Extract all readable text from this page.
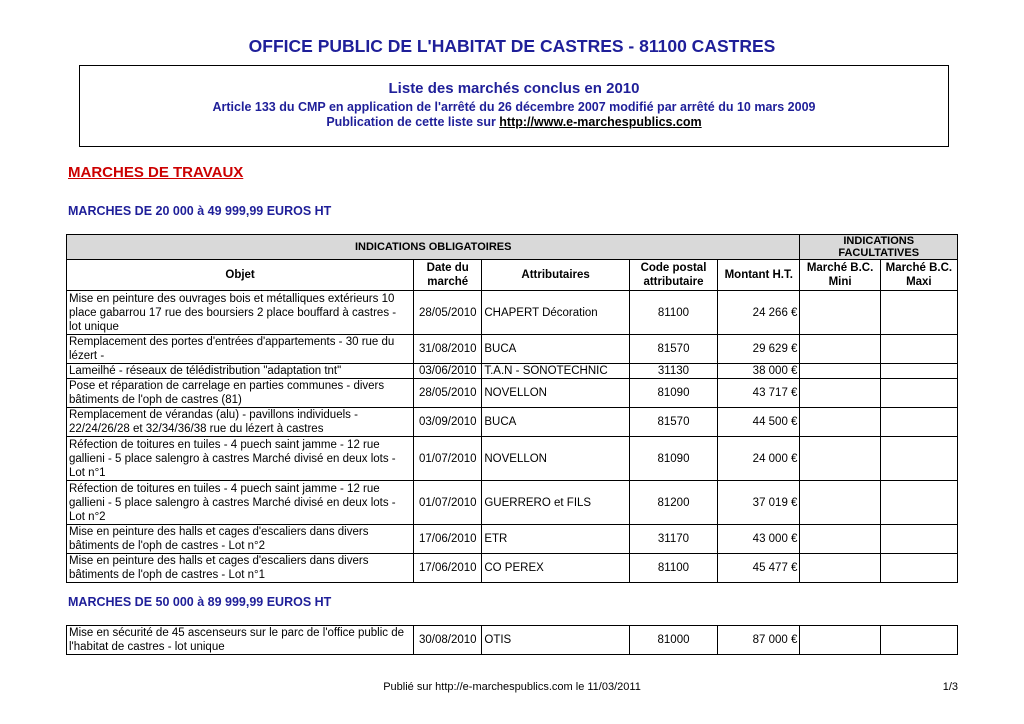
OFFICE PUBLIC DE L'HABITAT DE CASTRES - 81100 CASTRES
Liste des marchés conclus en 2010
Article 133 du CMP en application de l'arrêté du 26 décembre 2007 modifié par arrêté du 10 mars 2009
Publication de cette liste sur http://www.e-marchespublics.com
MARCHES DE TRAVAUX
MARCHES DE 20 000 à 49 999,99 EUROS HT
INDICATIONS OBLIGATOIRES					INDICATIONS FACULTATIVES	
Objet	Date du marché	Attributaires	Code postal attributaire	Montant H.T.	Marché B.C. Mini	Marché B.C. Maxi
Mise en peinture des ouvrages bois et métalliques extérieurs 10 place gabarrou 17 rue des boursiers 2 place bouffard à castres - lot unique	28/05/2010	CHAPERT Décoration	81100	24 266 €		
Remplacement des portes d'entrées d'appartements - 30 rue du lézert -	31/08/2010	BUCA	81570	29 629 €		
Lameilhé - réseaux de télédistribution "adaptation tnt"	03/06/2010	T.A.N - SONOTECHNIC	31130	38 000 €		
Pose et réparation de carrelage en parties communes - divers bâtiments de l'oph de castres (81)	28/05/2010	NOVELLON	81090	43 717 €		
Remplacement de vérandas (alu) - pavillons individuels - 22/24/26/28 et 32/34/36/38 rue du lézert à castres	03/09/2010	BUCA	81570	44 500 €		
Réfection de toitures en tuiles - 4 puech saint jamme - 12 rue gallieni - 5 place salengro à castres Marché divisé en deux lots - Lot n°1	01/07/2010	NOVELLON	81090	24 000 €		
Réfection de toitures en tuiles - 4 puech saint jamme - 12 rue gallieni - 5 place salengro à castres Marché divisé en deux lots - Lot n°2	01/07/2010	GUERRERO et FILS	81200	37 019 €		
Mise en peinture des halls et cages d'escaliers dans divers bâtiments de l'oph de castres - Lot n°2	17/06/2010	ETR	31170	43 000 €		
Mise en peinture des halls et cages d'escaliers dans divers bâtiments de l'oph de castres - Lot n°1	17/06/2010	CO PEREX	81100	45 477 €		
MARCHES DE 50 000 à 89 999,99 EUROS HT
Mise en sécurité de 45 ascenseurs sur le parc de l'office public de l'habitat de castres - lot unique	30/08/2010	OTIS	81000	87 000 €		

Publié sur http://e-marchespublics.com le 11/03/2011	1/3
